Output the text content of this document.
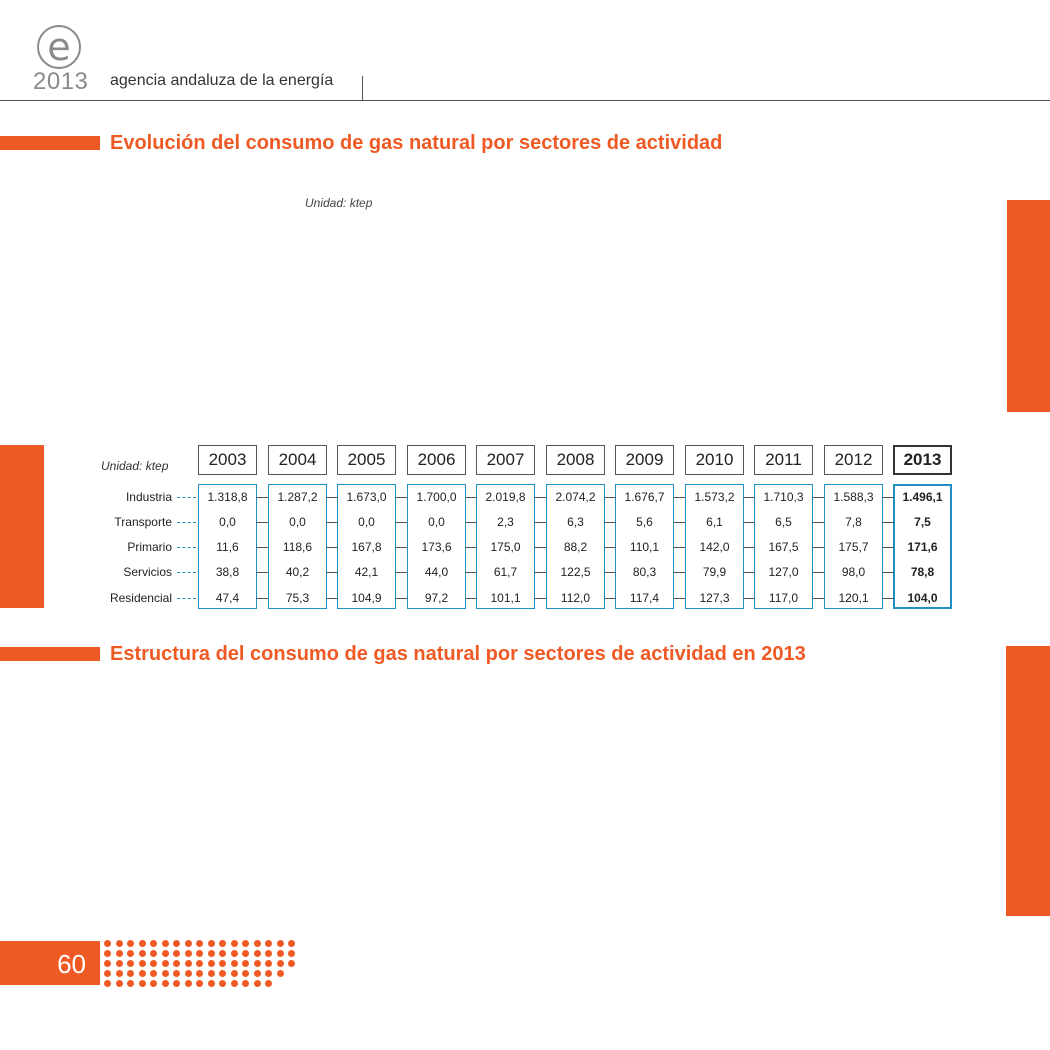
e
2013 agencia andaluza de la energía
Evolución del consumo de gas natural por sectores de actividad
Unidad: ktep
Unidad: ktep	2003	2004	2005	2006	2007	2008	2009	2010	2011	2012	2013
Industria	1.318,8	1.287,2	1.673,0	1.700,0	2.019,8	2.074,2	1.676,7	1.573,2	1.710,3	1.588,3	1.496,1
Transporte	0,0	0,0	0,0	0,0	2,3	6,3	5,6	6,1	6,5	7,8	7,5
Primario	11,6	118,6	167,8	173,6	175,0	88,2	110,1	142,0	167,5	175,7	171,6
Servicios	38,8	40,2	42,1	44,0	61,7	122,5	80,3	79,9	127,0	98,0	78,8
Residencial	47,4	75,3	104,9	97,2	101,1	112,0	117,4	127,3	117,0	120,1	104,0
Estructura del consumo de gas natural por sectores de actividad en 2013
60
